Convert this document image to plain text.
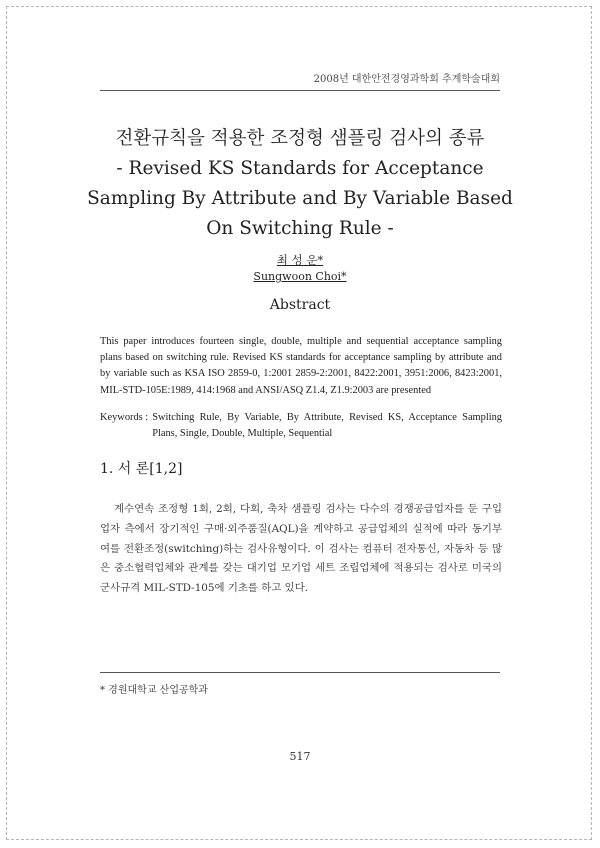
2008년 대한안전경영과학회 추계학술대회
전환규칙을 적용한 조정형 샘플링 검사의 종류
- Revised KS Standards for Acceptance
Sampling By Attribute and By Variable Based
On Switching Rule -
최 성 운*
Sungwoon Choi*
Abstract
This paper introduces fourteen single, double, multiple and sequential acceptance sampling plans based on switching rule. Revised KS standards for acceptance sampling by attribute and by variable such as KSA ISO 2859-0, 1:2001 2859-2:2001, 8422:2001, 3951:2006, 8423:2001, MIL-STD-105E:1989, 414:1968 and ANSI/ASQ Z1.4, Z1.9:2003 are presented
Keywords : Switching Rule, By Variable, By Attribute, Revised KS, Acceptance Sampling Plans, Single, Double, Multiple, Sequential
1. 서 론[1,2]
계수연속 조정형 1회, 2회, 다회, 축차 샘플링 검사는 다수의 경쟁공급업자를 둔 구입업자 측에서 장기적인 구매·외주품질(AQL)을 계약하고 공급업체의 실적에 따라 동기부여를 전환조정(switching)하는 검사유형이다. 이 검사는 컴퓨터 전자통신, 자동차 등 많은 중소협력업체와 관계를 갖는 대기업 모기업 세트 조립업체에 적용되는 검사로 미국의 군사규격 MIL-STD-105에 기초를 하고 있다.
* 경원대학교 산업공학과
517
